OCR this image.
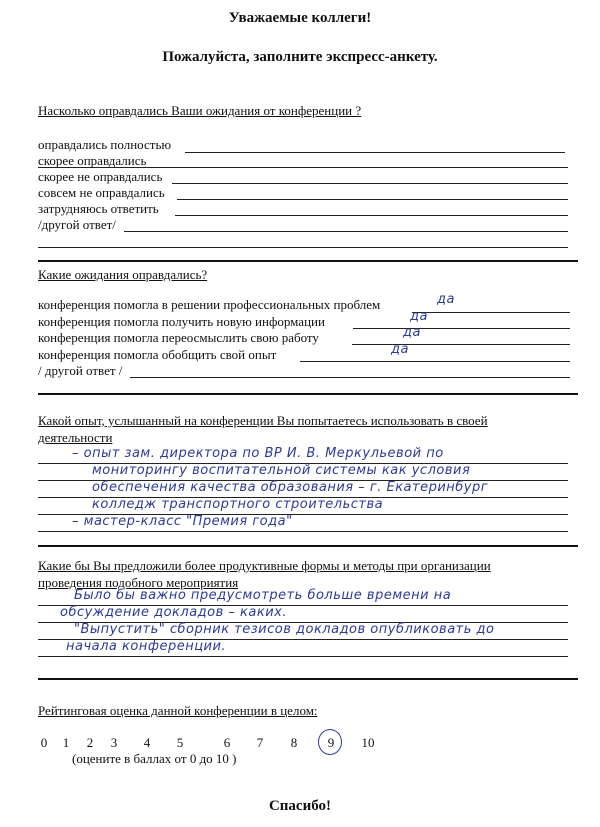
Уважаемые коллеги!
Пожалуйста, заполните экспресс-анкету.
Насколько оправдались Ваши ожидания от конференции ?
оправдались полностью
скорее оправдались
скорее не оправдались
совсем не оправдались
затрудняюсь ответить
/другой ответ/
Какие ожидания оправдались?
конференция помогла в решении профессиональных проблем	да
конференция помогла получить новую информации	да
конференция помогла переосмыслить свою работу	да
конференция помогла обобщить свой опыт	да
/ другой ответ /
Какой опыт, услышанный на конференции Вы попытаетесь использовать в своей
деятельности
– опыт зам. директора по ВР И. В. Меркульевой по
мониторингу воспитательной системы как условия
обеспечения качества образования – г. Екатеринбург
колледж транспортного строительства
– мастер-класс "Премия года"
Какие бы Вы предложили более продуктивные формы и методы при организации
проведения подобного мероприятия
Было бы важно предусмотреть больше времени на
обсуждение докладов – каких.
"Выпустить" сборник тезисов докладов опубликовать до
начала конференции.
Рейтинговая оценка данной конференции в целом:
0	1	2	3	4	5	6	7	8	9	10
(оцените в баллах от 0 до 10 )
Спасибо!
